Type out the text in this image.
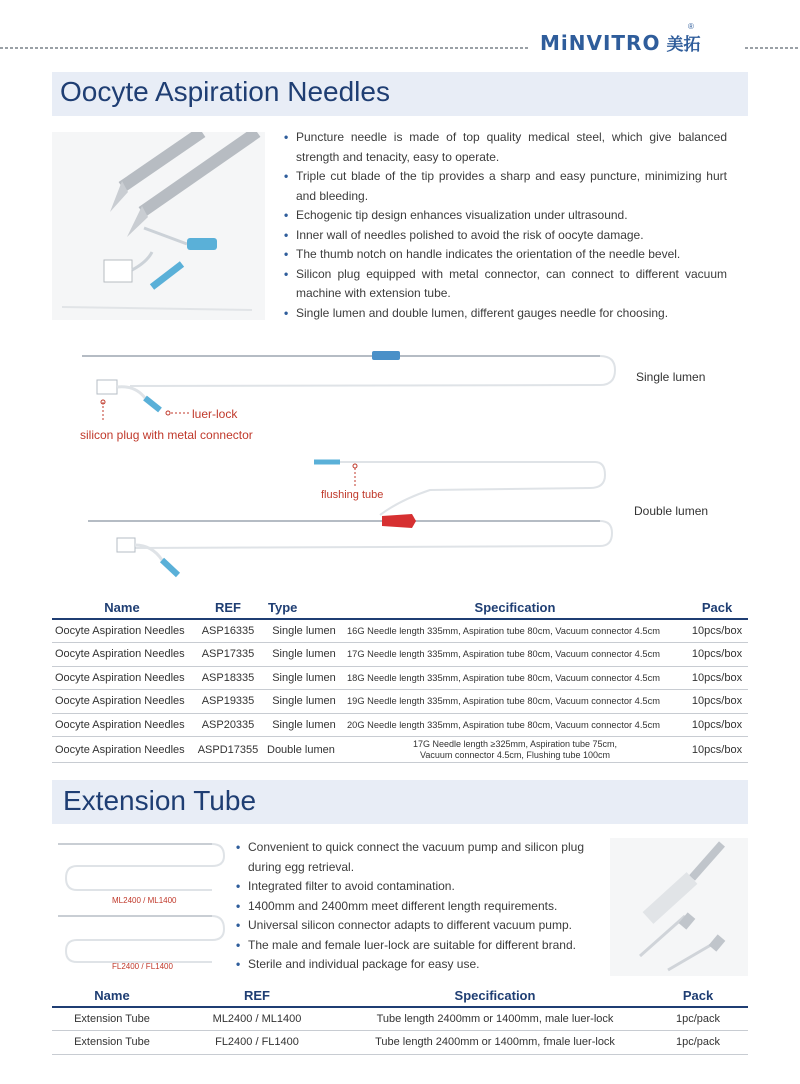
MiNVITRO 美拓
®
Oocyte Aspiration Needles
• Puncture needle is made of top quality medical steel, which give balanced strength and tenacity, easy to operate.
• Triple cut blade of the tip provides a sharp and easy puncture, minimizing hurt and bleeding.
• Echogenic tip design enhances visualization under ultrasound.
• Inner wall of needles polished to avoid the risk of oocyte damage.
• The thumb notch on handle indicates the orientation of the needle bevel.
• Silicon plug equipped with metal connector, can connect to different vacuum machine with extension tube.
• Single lumen and double lumen, different gauges needle for choosing.
Single lumen
luer-lock
silicon plug with metal connector
flushing tube
Double lumen
Name	REF	Type	Specification	Pack
Oocyte Aspiration Needles	ASP16335	Single lumen	16G Needle length 335mm, Aspiration tube 80cm, Vacuum connector 4.5cm	10pcs/box
Oocyte Aspiration Needles	ASP17335	Single lumen	17G Needle length 335mm, Aspiration tube 80cm, Vacuum connector 4.5cm	10pcs/box
Oocyte Aspiration Needles	ASP18335	Single lumen	18G Needle length 335mm, Aspiration tube 80cm, Vacuum connector 4.5cm	10pcs/box
Oocyte Aspiration Needles	ASP19335	Single lumen	19G Needle length 335mm, Aspiration tube 80cm, Vacuum connector 4.5cm	10pcs/box
Oocyte Aspiration Needles	ASP20335	Single lumen	20G Needle length 335mm, Aspiration tube 80cm, Vacuum connector 4.5cm	10pcs/box
Oocyte Aspiration Needles	ASPD17355	Double lumen	17G Needle length ≥325mm, Aspiration tube 75cm,
Vacuum connector 4.5cm, Flushing tube 100cm	10pcs/box
Extension Tube
ML2400 / ML1400
FL2400 / FL1400
• Convenient to quick connect the vacuum pump and silicon plug during egg retrieval.
• Integrated filter to avoid contamination.
• 1400mm and 2400mm meet different length requirements.
• Universal silicon connector adapts to different vacuum pump.
• The male and female luer-lock are suitable for different brand.
• Sterile and individual package for easy use.
Name	REF	Specification	Pack
Extension Tube	ML2400 / ML1400	Tube length 2400mm or 1400mm, male luer-lock	1pc/pack
Extension Tube	FL2400 / FL1400	Tube length 2400mm or 1400mm, fmale luer-lock	1pc/pack
